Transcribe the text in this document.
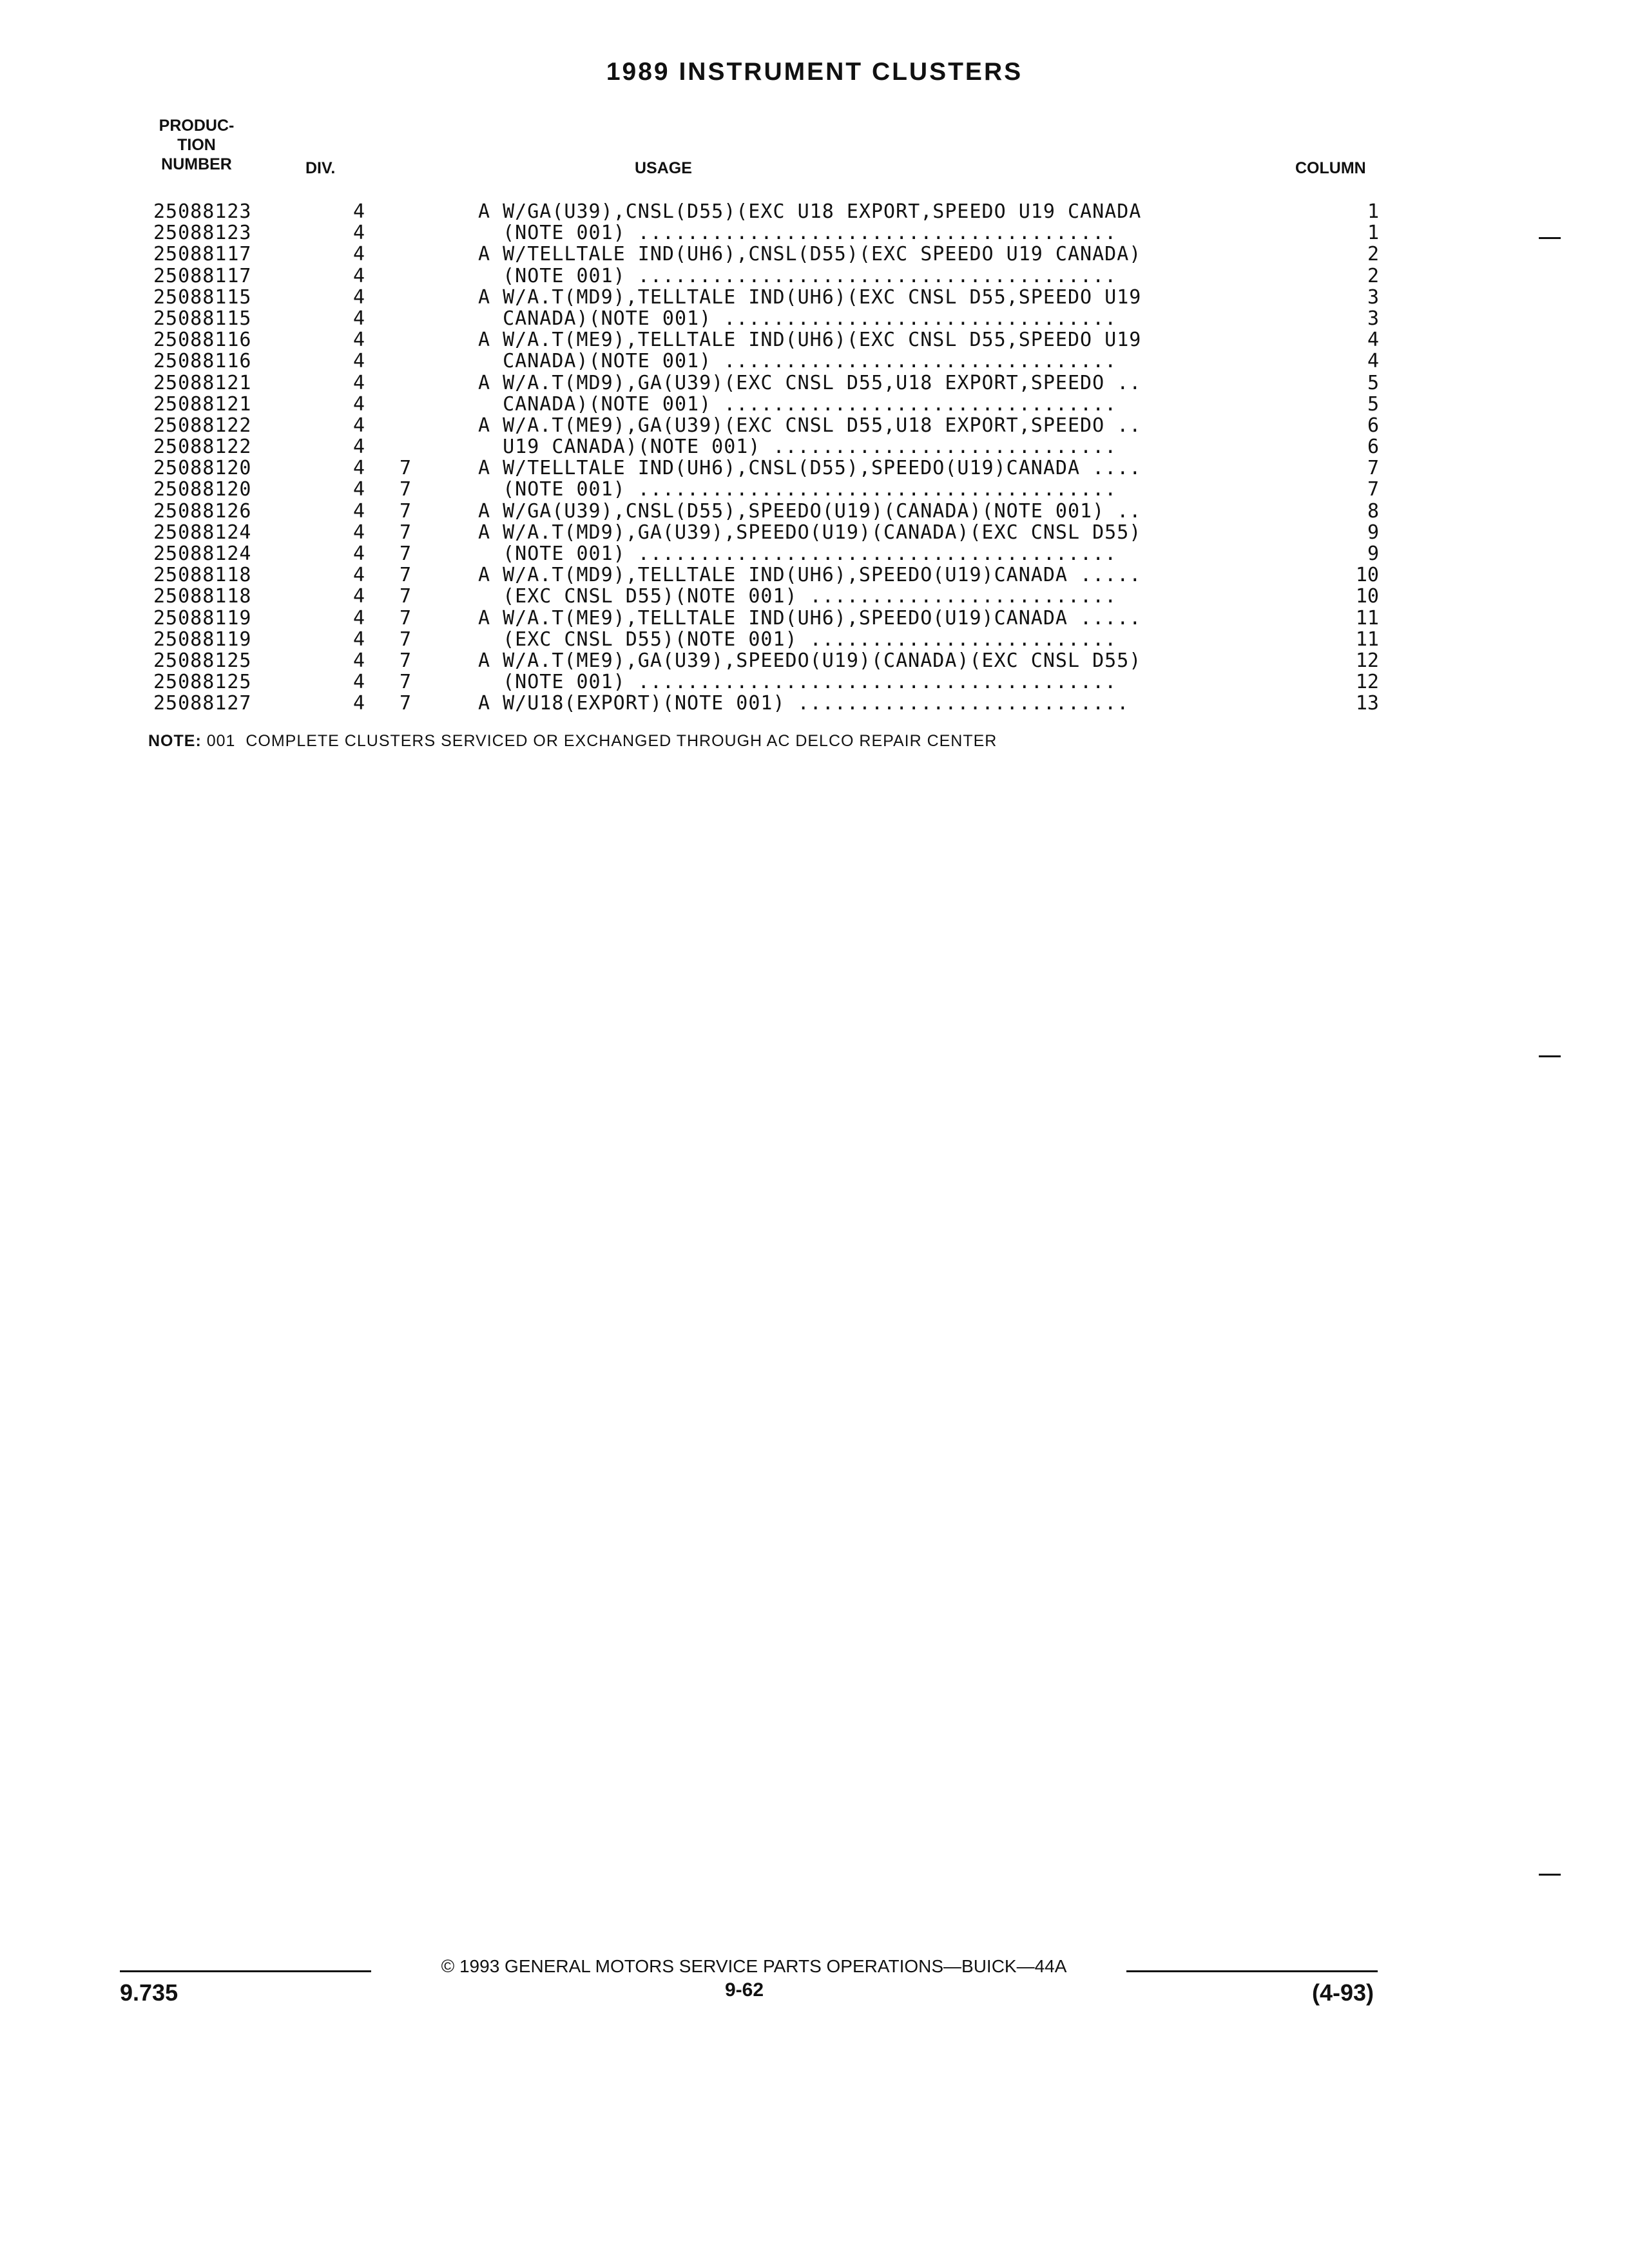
1989 INSTRUMENT CLUSTERS
PRODUC-
TION
NUMBER	DIV.	USAGE	COLUMN
25088123	4	A W/GA(U39),CNSL(D55)(EXC U18 EXPORT,SPEEDO U19 CANADA	1
25088123	4	(NOTE 001) .......................................	1
25088117	4	A W/TELLTALE IND(UH6),CNSL(D55)(EXC SPEEDO U19 CANADA)	2
25088117	4	(NOTE 001) .......................................	2
25088115	4	A W/A.T(MD9),TELLTALE IND(UH6)(EXC CNSL D55,SPEEDO U19	3
25088115	4	CANADA)(NOTE 001) ................................	3
25088116	4	A W/A.T(ME9),TELLTALE IND(UH6)(EXC CNSL D55,SPEEDO U19	4
25088116	4	CANADA)(NOTE 001) ................................	4
25088121	4	A W/A.T(MD9),GA(U39)(EXC CNSL D55,U18 EXPORT,SPEEDO ..	5
25088121	4	CANADA)(NOTE 001) ................................	5
25088122	4	A W/A.T(ME9),GA(U39)(EXC CNSL D55,U18 EXPORT,SPEEDO ..	6
25088122	4	U19 CANADA)(NOTE 001) ............................	6
25088120	4 7	A W/TELLTALE IND(UH6),CNSL(D55),SPEEDO(U19)CANADA ....	7
25088120	4 7	(NOTE 001) .......................................	7
25088126	4 7	A W/GA(U39),CNSL(D55),SPEEDO(U19)(CANADA)(NOTE 001) ..	8
25088124	4 7	A W/A.T(MD9),GA(U39),SPEEDO(U19)(CANADA)(EXC CNSL D55)	9
25088124	4 7	(NOTE 001) .......................................	9
25088118	4 7	A W/A.T(MD9),TELLTALE IND(UH6),SPEEDO(U19)CANADA .....	10
25088118	4 7	(EXC CNSL D55)(NOTE 001) .........................	10
25088119	4 7	A W/A.T(ME9),TELLTALE IND(UH6),SPEEDO(U19)CANADA .....	11
25088119	4 7	(EXC CNSL D55)(NOTE 001) .........................	11
25088125	4 7	A W/A.T(ME9),GA(U39),SPEEDO(U19)(CANADA)(EXC CNSL D55)	12
25088125	4 7	(NOTE 001) .......................................	12
25088127	4 7	A W/U18(EXPORT)(NOTE 001) ...........................	13
NOTE: 001  COMPLETE CLUSTERS SERVICED OR EXCHANGED THROUGH AC DELCO REPAIR CENTER
© 1993 GENERAL MOTORS SERVICE PARTS OPERATIONS—BUICK—44A
9.735	9-62	(4-93)
